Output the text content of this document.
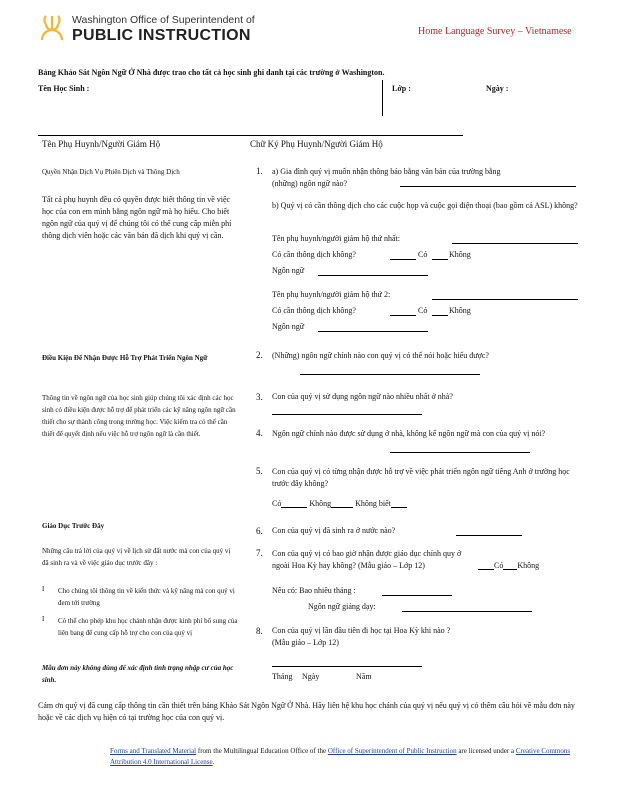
Washington Office of Superintendent of
PUBLIC INSTRUCTION	Home Language Survey – Vietnamese
Bảng Khảo Sát Ngôn Ngữ Ở Nhà được trao cho tất cả học sinh ghi danh tại các trường ở Washington.
Tên Học Sinh :	Lớp :	Ngày :
Tên Phụ Huynh/Người Giám Hộ	Chữ Ký Phụ Huynh/Người Giám Hộ
Quyền Nhận Dịch Vụ Phiên Dịch và Thông Dịch
Tất cả phụ huynh đều có quyền được biết thông tin về việc học của con em mình bằng ngôn ngữ mà họ hiểu. Cho biết ngôn ngữ của quý vị để chúng tôi có thể cung cấp miễn phí thông dịch viên hoặc các văn bản đã dịch khi quý vị cần.
Điều Kiện Để Nhận Được Hỗ Trợ Phát Triển Ngôn Ngữ
Thông tin về ngôn ngữ của học sinh giúp chúng tôi xác định các học sinh có điều kiện được hỗ trợ để phát triển các kỹ năng ngôn ngữ cần thiết cho sự thành công trong trường học. Việc kiểm tra có thể cần thiết để quyết định nếu việc hỗ trợ ngôn ngữ là cần thiết.
Giáo Dục Trước Đây
Những câu trả lời của quý vị về lịch sử đất nước mà con của quý vị đã sinh ra và về việc giáo dục trước đây :
I Cho chúng tôi thông tin về kiến thức và kỹ năng mà con quý vị đem tới trường
I Có thể cho phép khu học chánh nhận được kinh phí bổ sung của liên bang để cung cấp hỗ trợ cho con của quý vị
Mẫu đơn này không dùng để xác định tình trạng nhập cư của học sinh.
1. a) Gia đình quý vị muốn nhận thông báo bằng văn bản của trường bằng (những) ngôn ngữ nào?
b) Quý vị có cần thông dịch cho các cuộc họp và cuộc gọi điện thoại (bao gồm cả ASL) không?
Tên phụ huynh/người giám hộ thứ nhất:
Có cần thông dịch không?	Có	Không
Ngôn ngữ
Tên phụ huynh/người giám hộ thứ 2:
Có cần thông dịch không?	Có	Không
Ngôn ngữ
2. (Những) ngôn ngữ chính nào con quý vị có thể nói hoặc hiểu được?
3. Con của quý vị sử dụng ngôn ngữ nào nhiều nhất ở nhà?
4. Ngôn ngữ chính nào được sử dụng ở nhà, không kể ngôn ngữ mà con của quý vị nói?
5. Con của quý vị có từng nhận được hỗ trợ về việc phát triển ngôn ngữ tiếng Anh ở trường học trước đây không?
Có	Không	Không biết
6. Con của quý vị đã sinh ra ở nước nào?
7. Con của quý vị có bao giờ nhận được giáo dục chính quy ở ngoài Hoa Kỳ hay không? (Mẫu giáo – Lớp 12)	Có Không
Nếu có: Bao nhiêu tháng :
Ngôn ngữ giảng dạy:
8. Con của quý vị lần đầu tiên đi học tại Hoa Kỳ khi nào ?
(Mẫu giáo – Lớp 12)
Tháng Ngày	Năm
Cám ơn quý vị đã cung cấp thông tin cần thiết trên bảng Khảo Sát Ngôn Ngữ Ở Nhà. Hãy liên hệ khu học chánh của quý vị nếu quý vị có thêm câu hỏi về mẫu đơn này hoặc về các dịch vụ hiện có tại trường học của con quý vị.
Forms and Translated Material from the Multilingual Education Office of the Office of Superintendent of Public Instruction are licensed under a Creative Commons Attribution 4.0 International License.
